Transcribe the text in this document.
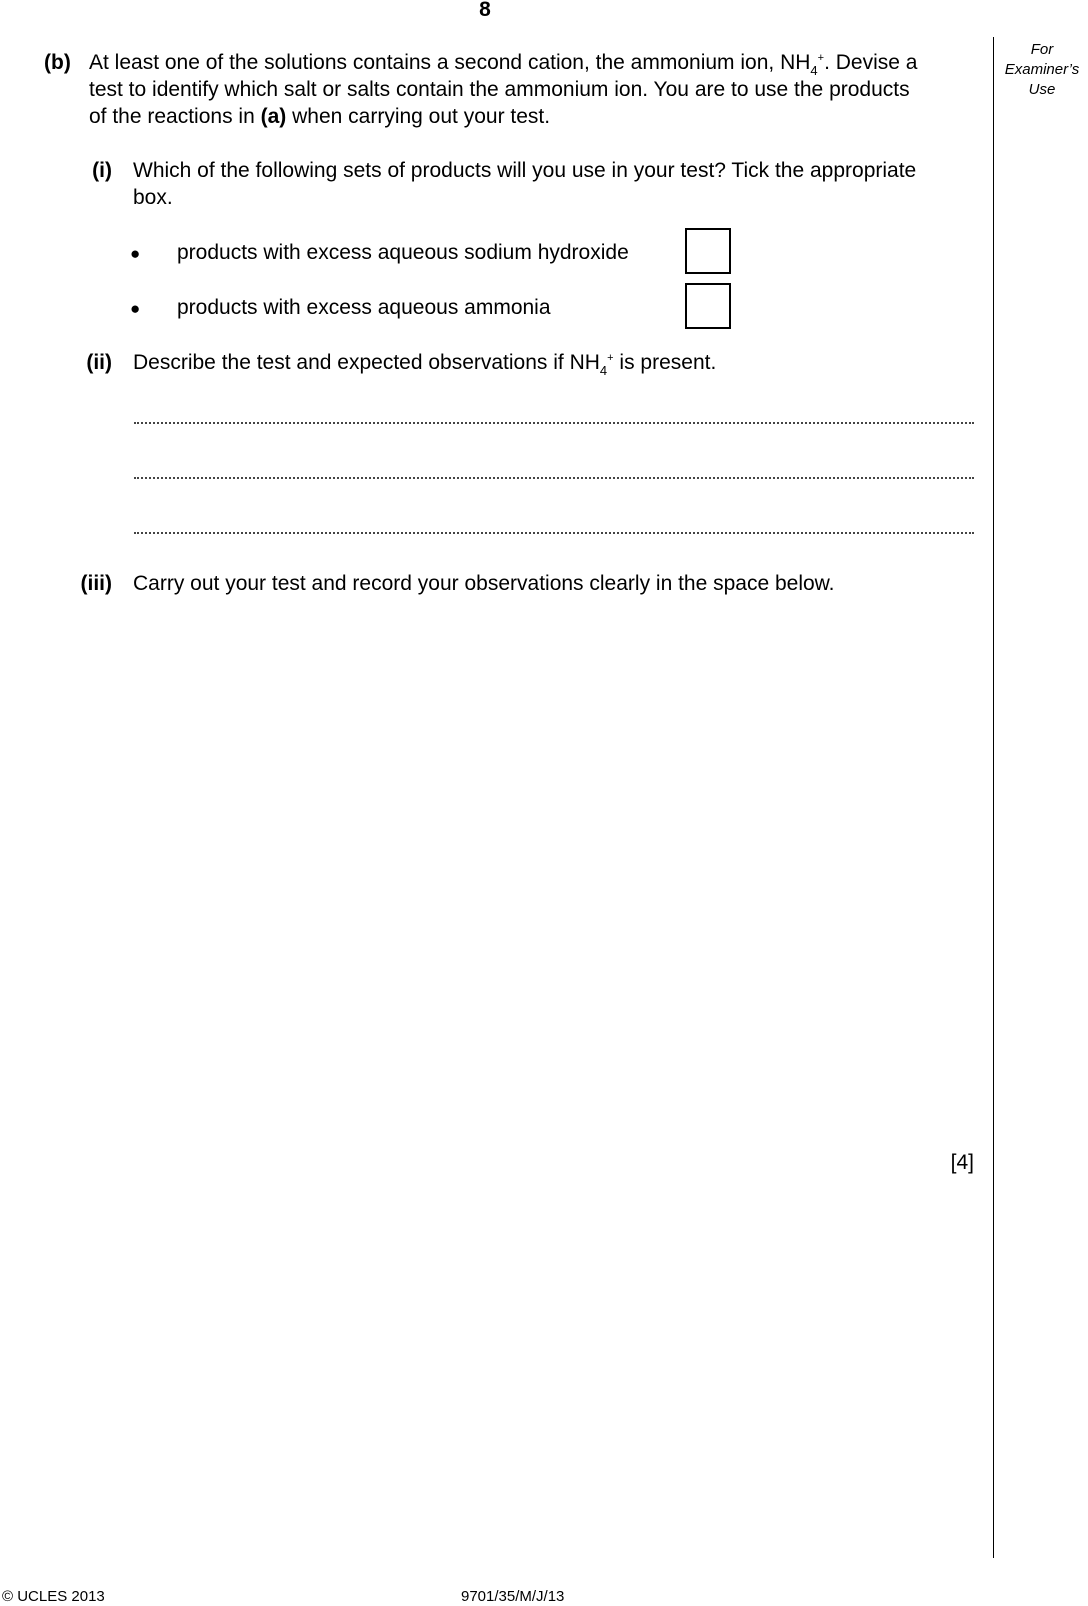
8
For
Examiner’s
Use
(b) At least one of the solutions contains a second cation, the ammonium ion, $NH_4^+$. Devise a
test to identify which salt or salts contain the ammonium ion. You are to use the products
of the reactions in (a) when carrying out your test.
(i) Which of the following sets of products will you use in your test? Tick the appropriate
box.
● products with excess aqueous sodium hydroxide
● products with excess aqueous ammonia
(ii) Describe the test and expected observations if $NH_4^+$ is present.
(iii) Carry out your test and record your observations clearly in the space below.
[4]
© UCLES 2013	9701/35/M/J/13
